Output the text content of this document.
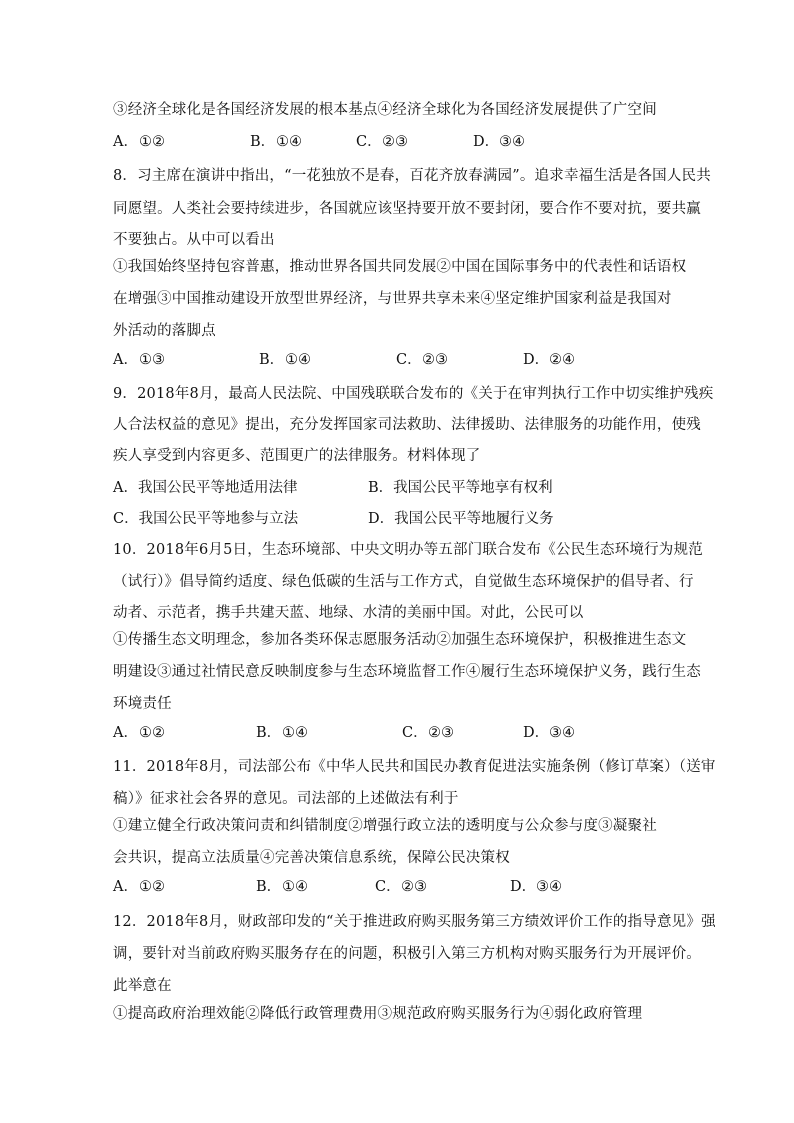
③经济全球化是各国经济发展的根本基点④经济全球化为各国经济发展提供了广空间
A．①②	B．①④	C．②③	D．③④
8．习主席在演讲中指出，“一花独放不是春，百花齐放春满园”。追求幸福生活是各国人民共
同愿望。人类社会要持续进步，各国就应该坚持要开放不要封闭，要合作不要对抗，要共赢
不要独占。从中可以看出
①我国始终坚持包容普惠，推动世界各国共同发展②中国在国际事务中的代表性和话语权
在增强③中国推动建设开放型世界经济，与世界共享未来④坚定维护国家利益是我国对
外活动的落脚点
A．①③	B．①④	C．②③	D．②④
9．2018年8月，最高人民法院、中国残联联合发布的《关于在审判执行工作中切实维护残疾
人合法权益的意见》提出，充分发挥国家司法救助、法律援助、法律服务的功能作用，使残
疾人享受到内容更多、范围更广的法律服务。材料体现了
A．我国公民平等地适用法律	B．我国公民平等地享有权利
C．我国公民平等地参与立法	D．我国公民平等地履行义务
10．2018年6月5日，生态环境部、中央文明办等五部门联合发布《公民生态环境行为规范
（试行）》倡导简约适度、绿色低碳的生活与工作方式，自觉做生态环境保护的倡导者、行
动者、示范者，携手共建天蓝、地绿、水清的美丽中国。对此，公民可以
①传播生态文明理念，参加各类环保志愿服务活动②加强生态环境保护，积极推进生态文
明建设③通过社情民意反映制度参与生态环境监督工作④履行生态环境保护义务，践行生态
环境责任
A．①②	B．①④	C．②③	D．③④
11．2018年8月，司法部公布《中华人民共和国民办教育促进法实施条例（修订草案）（送审
稿）》征求社会各界的意见。司法部的上述做法有利于
①建立健全行政决策问责和纠错制度②增强行政立法的透明度与公众参与度③凝聚社
会共识，提高立法质量④完善决策信息系统，保障公民决策权
A．①②	B．①④	C．②③	D．③④
12．2018年8月，财政部印发的“关于推进政府购买服务第三方绩效评价工作的指导意见》强
调，要针对当前政府购买服务存在的问题，积极引入第三方机构对购买服务行为开展评价。
此举意在
①提高政府治理效能②降低行政管理费用③规范政府购买服务行为④弱化政府管理
